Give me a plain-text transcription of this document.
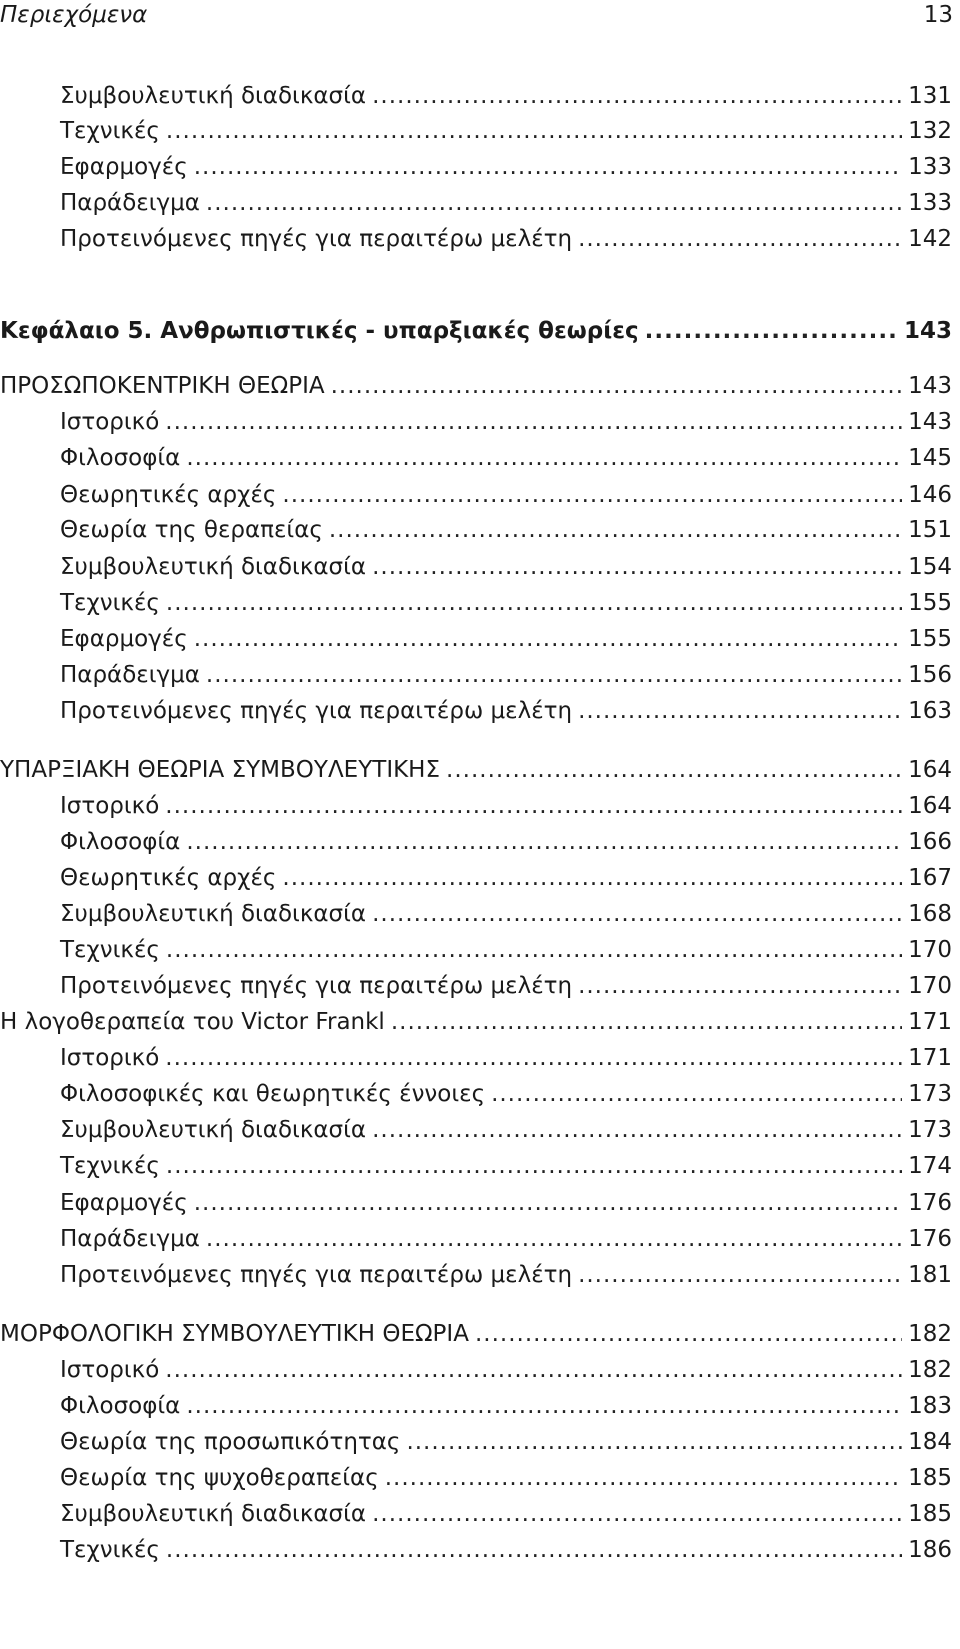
Περιεχόμενα	13
Συμβουλευτική διαδικασία .....	131
Τεχνικές .....	132
Εφαρμογές .....	133
Παράδειγμα .....	133
Προτεινόμενες πηγές για περαιτέρω μελέτη .....	142
Κεφάλαιο 5. Ανθρωπιστικές - υπαρξιακές θεωρίες .....	143
ΠΡΟΣΩΠΟΚΕΝΤΡΙΚΗ ΘΕΩΡΙΑ .....	143
Ιστορικό .....	143
Φιλοσοφία .....	145
Θεωρητικές αρχές .....	146
Θεωρία της θεραπείας .....	151
Συμβουλευτική διαδικασία .....	154
Τεχνικές .....	155
Εφαρμογές .....	155
Παράδειγμα .....	156
Προτεινόμενες πηγές για περαιτέρω μελέτη .....	163
ΥΠΑΡΞΙΑΚΗ ΘΕΩΡΙΑ ΣΥΜΒΟΥΛΕΥΤΙΚΗΣ .....	164
Ιστορικό .....	164
Φιλοσοφία .....	166
Θεωρητικές αρχές .....	167
Συμβουλευτική διαδικασία .....	168
Τεχνικές .....	170
Προτεινόμενες πηγές για περαιτέρω μελέτη .....	170
Η λογοθεραπεία του Victor Frankl .....	171
Ιστορικό .....	171
Φιλοσοφικές και θεωρητικές έννοιες .....	173
Συμβουλευτική διαδικασία .....	173
Τεχνικές .....	174
Εφαρμογές .....	176
Παράδειγμα .....	176
Προτεινόμενες πηγές για περαιτέρω μελέτη .....	181
ΜΟΡΦΟΛΟΓΙΚΗ ΣΥΜΒΟΥΛΕΥΤΙΚΗ ΘΕΩΡΙΑ .....	182
Ιστορικό .....	182
Φιλοσοφία .....	183
Θεωρία της προσωπικότητας .....	184
Θεωρία της ψυχοθεραπείας .....	185
Συμβουλευτική διαδικασία .....	185
Τεχνικές .....	186
